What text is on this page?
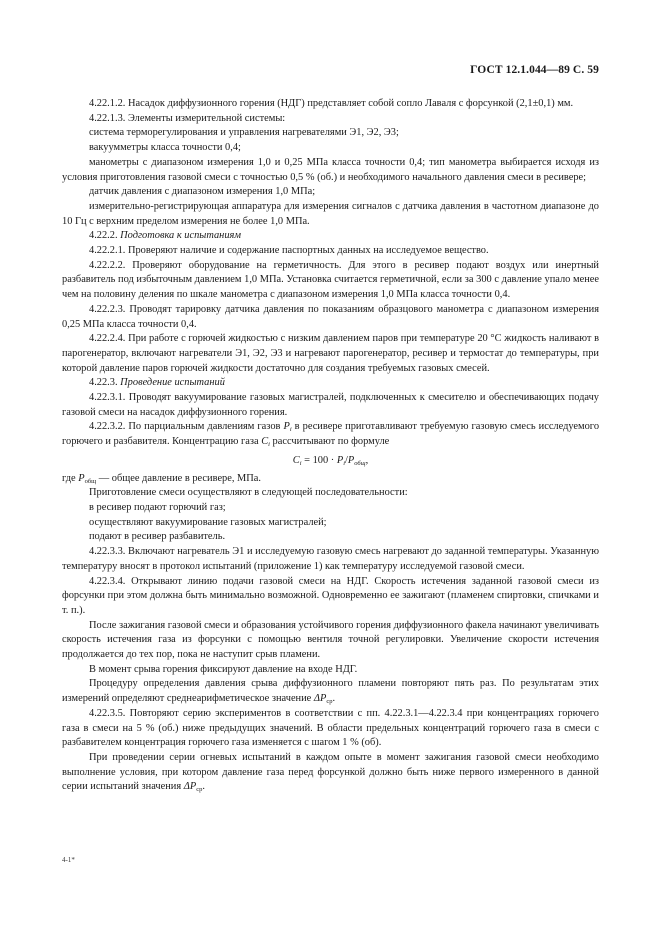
ГОСТ 12.1.044—89 С. 59

4.22.1.2. Насадок диффузионного горения (НДГ) представляет собой сопло Лаваля с форсункой (2,1±0,1) мм.

4.22.1.3. Элементы измерительной системы:

система терморегулирования и управления нагревателями Э1, Э2, Э3;

вакуумметры класса точности 0,4;

манометры с диапазоном измерения 1,0 и 0,25 МПа класса точности 0,4; тип манометра выбирается исходя из условия приготовления газовой смеси с точностью 0,5 % (об.) и необходимого начального давления смеси в ресивере;

датчик давления с диапазоном измерения 1,0 МПа;

измерительно-регистрирующая аппаратура для измерения сигналов с датчика давления в частотном диапазоне до 10 Гц с верхним пределом измерения не более 1,0 МПа.

4.22.2. Подготовка к испытаниям

4.22.2.1. Проверяют наличие и содержание паспортных данных на исследуемое вещество.

4.22.2.2. Проверяют оборудование на герметичность. Для этого в ресивер подают воздух или инертный разбавитель под избыточным давлением 1,0 МПа. Установка считается герметичной, если за 300 с давление упало менее чем на половину деления по шкале манометра с диапазоном измерения 1,0 МПа класса точности 0,4.

4.22.2.3. Проводят тарировку датчика давления по показаниям образцового манометра с диапазоном измерения 0,25 МПа класса точности 0,4.

4.22.2.4. При работе с горючей жидкостью с низким давлением паров при температуре 20 °С жидкость наливают в парогенератор, включают нагреватели Э1, Э2, Э3 и нагревают парогенератор, ресивер и термостат до температуры, при которой давление паров горючей жидкости достаточно для создания требуемых газовых смесей.

4.22.3. Проведение испытаний

4.22.3.1. Проводят вакуумирование газовых магистралей, подключенных к смесителю и обеспечивающих подачу газовой смеси на насадок диффузионного горения.

4.22.3.2. По парциальным давлениям газов $P_i$ в ресивере приготавливают требуемую газовую смесь исследуемого горючего и разбавителя. Концентрацию газа $C_i$ рассчитывают по формуле

$C_i = 100 \cdot P_i/P_{общ}$,

где $P_{общ}$ — общее давление в ресивере, МПа.

Приготовление смеси осуществляют в следующей последовательности:

в ресивер подают горючий газ;

осуществляют вакуумирование газовых магистралей;

подают в ресивер разбавитель.

4.22.3.3. Включают нагреватель Э1 и исследуемую газовую смесь нагревают до заданной температуры. Указанную температуру вносят в протокол испытаний (приложение 1) как температуру исследуемой газовой смеси.

4.22.3.4. Открывают линию подачи газовой смеси на НДГ. Скорость истечения заданной газовой смеси из форсунки при этом должна быть минимально возможной. Одновременно ее зажигают (пламенем спиртовки, спичками и т. п.).

После зажигания газовой смеси и образования устойчивого горения диффузионного факела начинают увеличивать скорость истечения газа из форсунки с помощью вентиля точной регулировки. Увеличение скорости истечения продолжается до тех пор, пока не наступит срыв пламени.

В момент срыва горения фиксируют давление на входе НДГ.

Процедуру определения давления срыва диффузионного пламени повторяют пять раз. По результатам этих измерений определяют среднеарифметическое значение $\Delta P_{ср}$.

4.22.3.5. Повторяют серию экспериментов в соответствии с пп. 4.22.3.1—4.22.3.4 при концентрациях горючего газа в смеси на 5 % (об.) ниже предыдущих значений. В области предельных концентраций горючего газа в смеси с разбавителем концентрация горючего газа изменяется с шагом 1 % (об).

При проведении серии огневых испытаний в каждом опыте в момент зажигания газовой смеси необходимо выполнение условия, при котором давление газа перед форсункой должно быть ниже первого измеренного в данной серии испытаний значения $\Delta P_{ср}$.

4-1*
